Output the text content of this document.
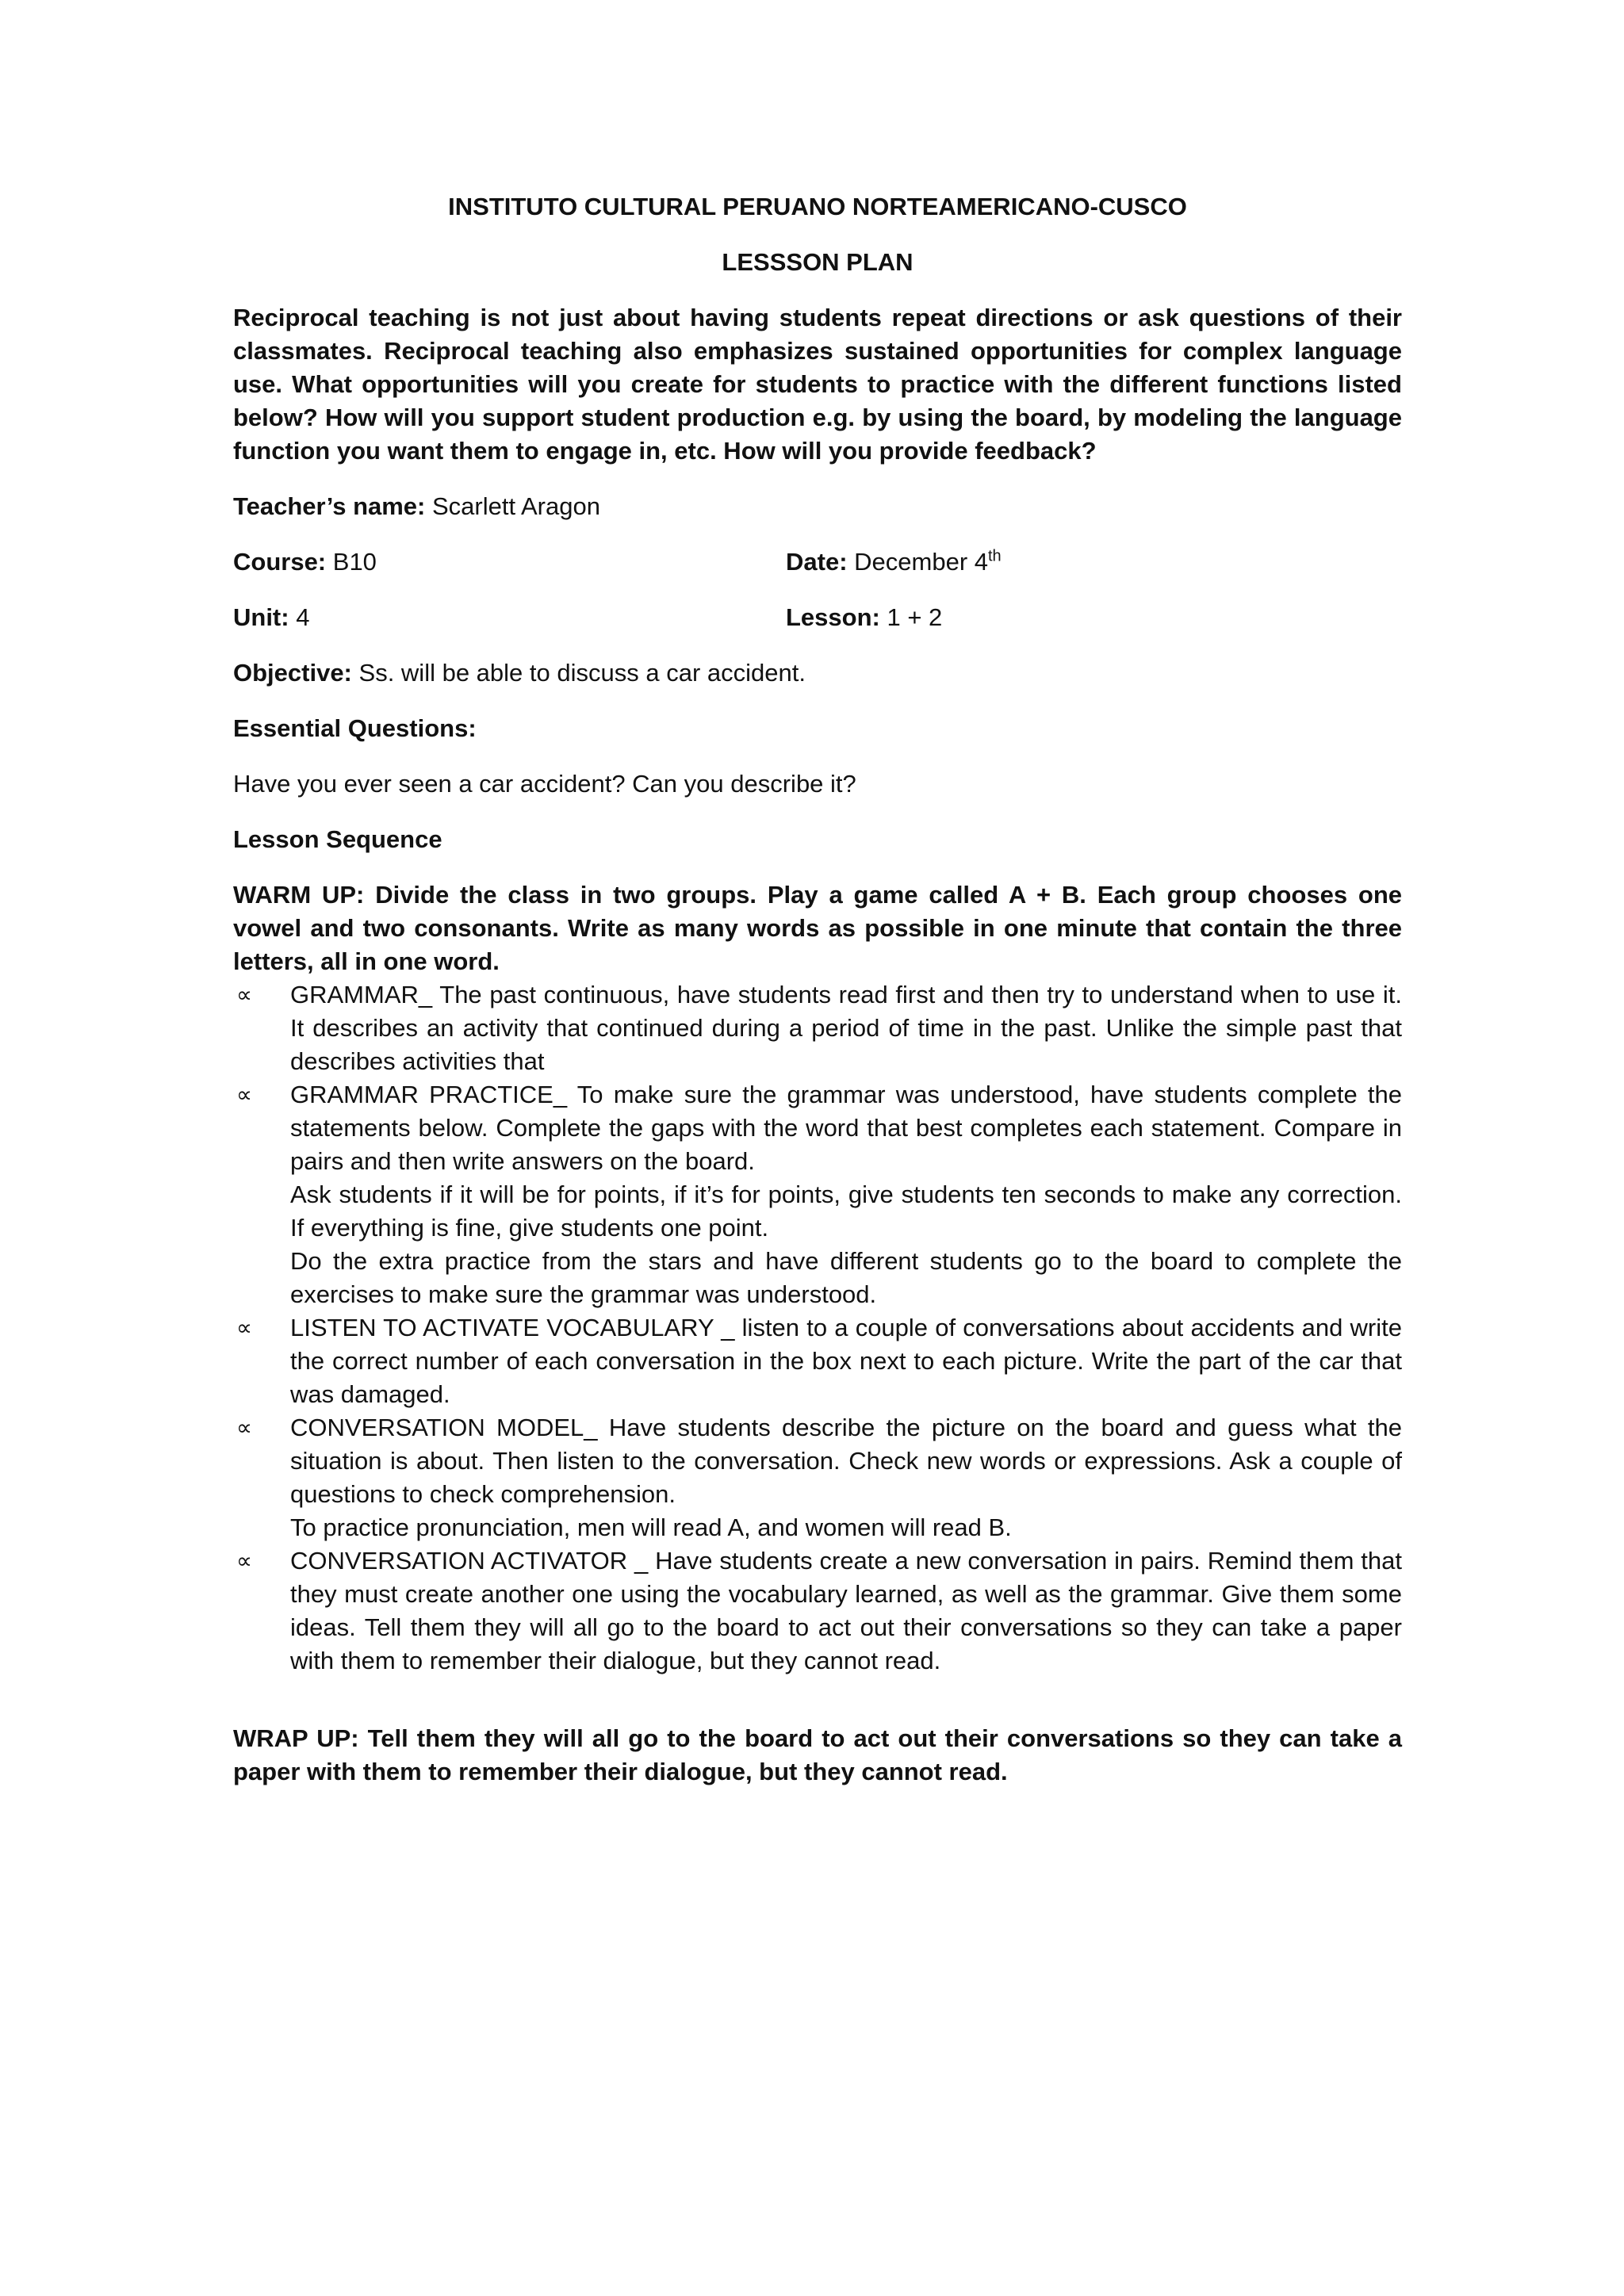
INSTITUTO CULTURAL PERUANO NORTEAMERICANO-CUSCO

LESSSON PLAN

Reciprocal teaching is not just about having students repeat directions or ask questions of their classmates. Reciprocal teaching also emphasizes sustained opportunities for complex language use. What opportunities will you create for students to practice with the different functions listed below? How will you support student production e.g. by using the board, by modeling the language function you want them to engage in, etc. How will you provide feedback?

Teacher’s name: Scarlett Aragon
Course: B10	Date: December 4th
Unit: 4	Lesson: 1 + 2
Objective: Ss. will be able to discuss a car accident.

Essential Questions:

Have you ever seen a car accident? Can you describe it?

Lesson Sequence

WARM UP: Divide the class in two groups. Play a game called A + B. Each group chooses one vowel and two consonants. Write as many words as possible in one minute that contain the three letters, all in one word.

∝ GRAMMAR_ The past continuous, have students read first and then try to understand when to use it. It describes an activity that continued during a period of time in the past. Unlike the simple past that describes activities that

∝ GRAMMAR PRACTICE_ To make sure the grammar was understood, have students complete the statements below. Complete the gaps with the word that best completes each statement. Compare in pairs and then write answers on the board.

Ask students if it will be for points, if it’s for points, give students ten seconds to make any correction. If everything is fine, give students one point.

Do the extra practice from the stars and have different students go to the board to complete the exercises to make sure the grammar was understood.

∝ LISTEN TO ACTIVATE VOCABULARY _ listen to a couple of conversations about accidents and write the correct number of each conversation in the box next to each picture. Write the part of the car that was damaged.

∝ CONVERSATION MODEL_ Have students describe the picture on the board and guess what the situation is about. Then listen to the conversation. Check new words or expressions. Ask a couple of questions to check comprehension.

To practice pronunciation, men will read A, and women will read B.

∝ CONVERSATION ACTIVATOR _ Have students create a new conversation in pairs. Remind them that they must create another one using the vocabulary learned, as well as the grammar. Give them some ideas. Tell them they will all go to the board to act out their conversations so they can take a paper with them to remember their dialogue, but they cannot read.

WRAP UP: Tell them they will all go to the board to act out their conversations so they can take a paper with them to remember their dialogue, but they cannot read.
